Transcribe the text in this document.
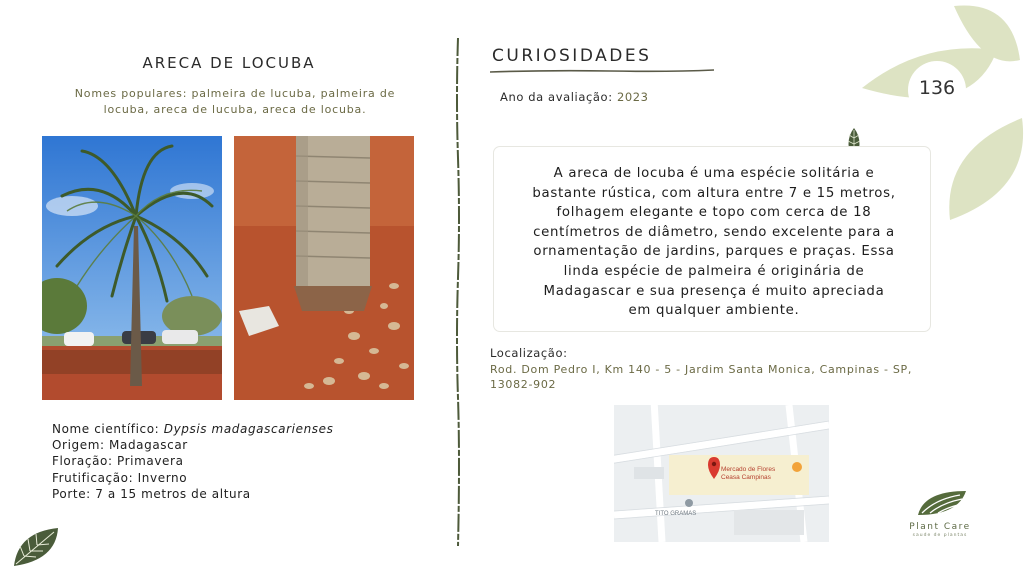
ARECA DE LOCUBA
Nomes populares: palmeira de lucuba, palmeira de
locuba, areca de lucuba, areca de locuba.
Nome científico: Dypsis madagascarienses
Origem: Madagascar
Floração: Primavera
Frutificação: Inverno
Porte: 7 a 15 metros de altura
CURIOSIDADES
Ano da avaliação: 2023
A areca de locuba é uma espécie solitária e
bastante rústica, com altura entre 7 e 15 metros,
folhagem elegante e topo com cerca de 18
centímetros de diâmetro, sendo excelente para a
ornamentação de jardins, parques e praças. Essa
linda espécie de palmeira é originária de
Madagascar e sua presença é muito apreciada
em qualquer ambiente.
Localização:
Rod. Dom Pedro I, Km 140 - 5 - Jardim Santa Monica, Campinas - SP,
13082-902
Mercado de Flores
Ceasa Campinas
TITO GRAMAS
136
Plant Care
saude de plantas
